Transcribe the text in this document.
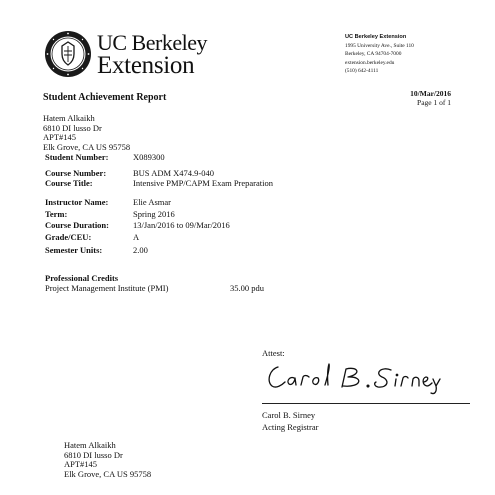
UC Berkeley
Extension
UC Berkeley Extension
1995 University Ave., Suite 110
Berkeley, CA 94704-7000
extension.berkeley.edu
(510) 642-4111
Student Achievement Report	10/Mar/2016
Page 1 of 1
Hatem Alkaikh
6810 DI lusso Dr
APT#145
Elk Grove, CA US 95758
Student Number:	X089300
Course Number:	BUS ADM X474.9-040
Course Title:	Intensive PMP/CAPM Exam Preparation
Instructor Name:	Elie Asmar
Term:	Spring 2016
Course Duration:	13/Jan/2016 to 09/Mar/2016
Grade/CEU:	A
Semester Units:	2.00
Professional Credits
Project Management Institute (PMI)	35.00 pdu
Attest:
Carol B. Sirney
Acting Registrar
Hatem Alkaikh
6810 DI lusso Dr
APT#145
Elk Grove, CA US 95758
